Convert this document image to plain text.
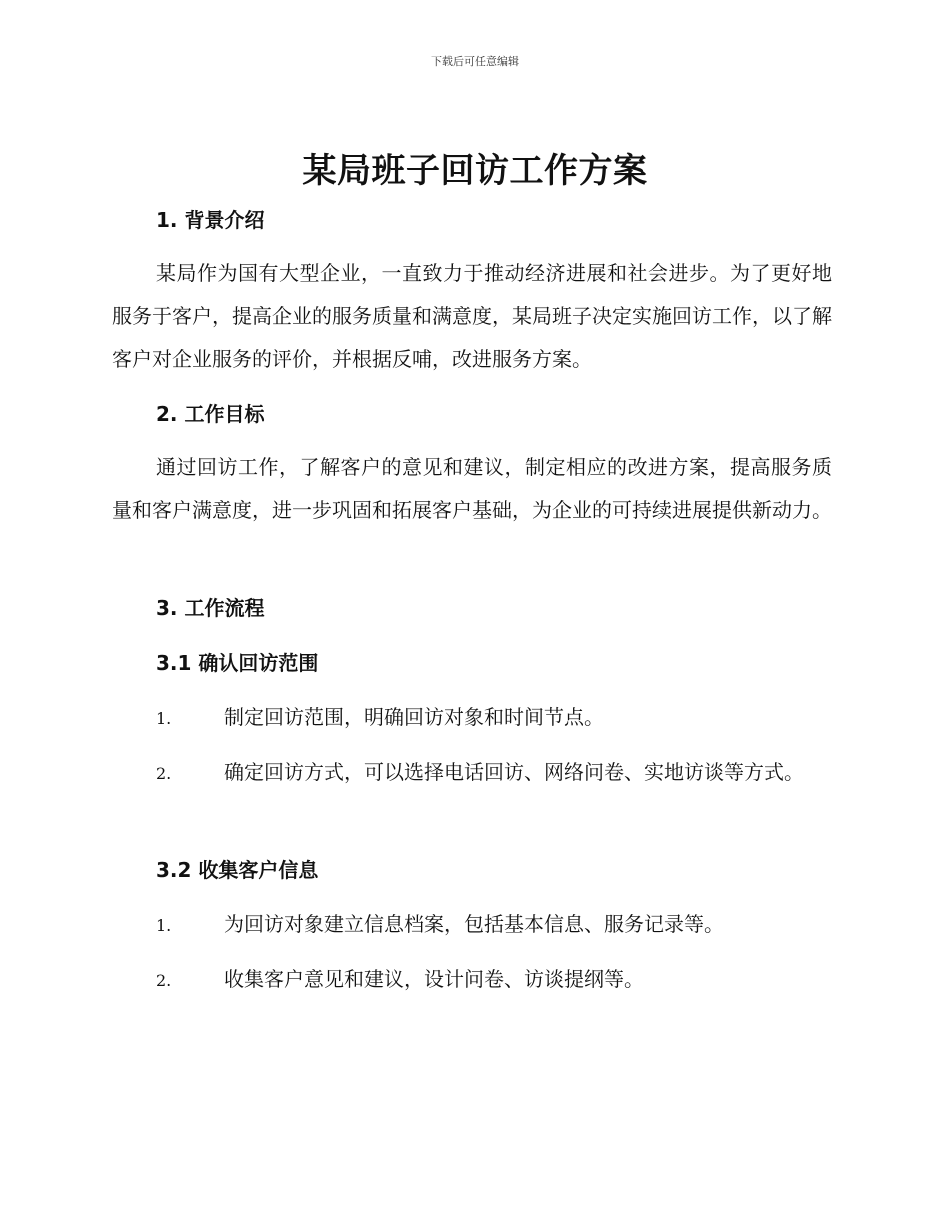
下载后可任意编辑
某局班子回访工作方案
1. 背景介绍
某局作为国有大型企业，一直致力于推动经济进展和社会进步。为了更好地服务于客户，提高企业的服务质量和满意度，某局班子决定实施回访工作，以了解客户对企业服务的评价，并根据反哺，改进服务方案。
2. 工作目标
通过回访工作，了解客户的意见和建议，制定相应的改进方案，提高服务质量和客户满意度，进一步巩固和拓展客户基础，为企业的可持续进展提供新动力。
3. 工作流程
3.1 确认回访范围
1.	制定回访范围，明确回访对象和时间节点。
2.	确定回访方式，可以选择电话回访、网络问卷、实地访谈等方式。
3.2 收集客户信息
1.	为回访对象建立信息档案，包括基本信息、服务记录等。
2.	收集客户意见和建议，设计问卷、访谈提纲等。
